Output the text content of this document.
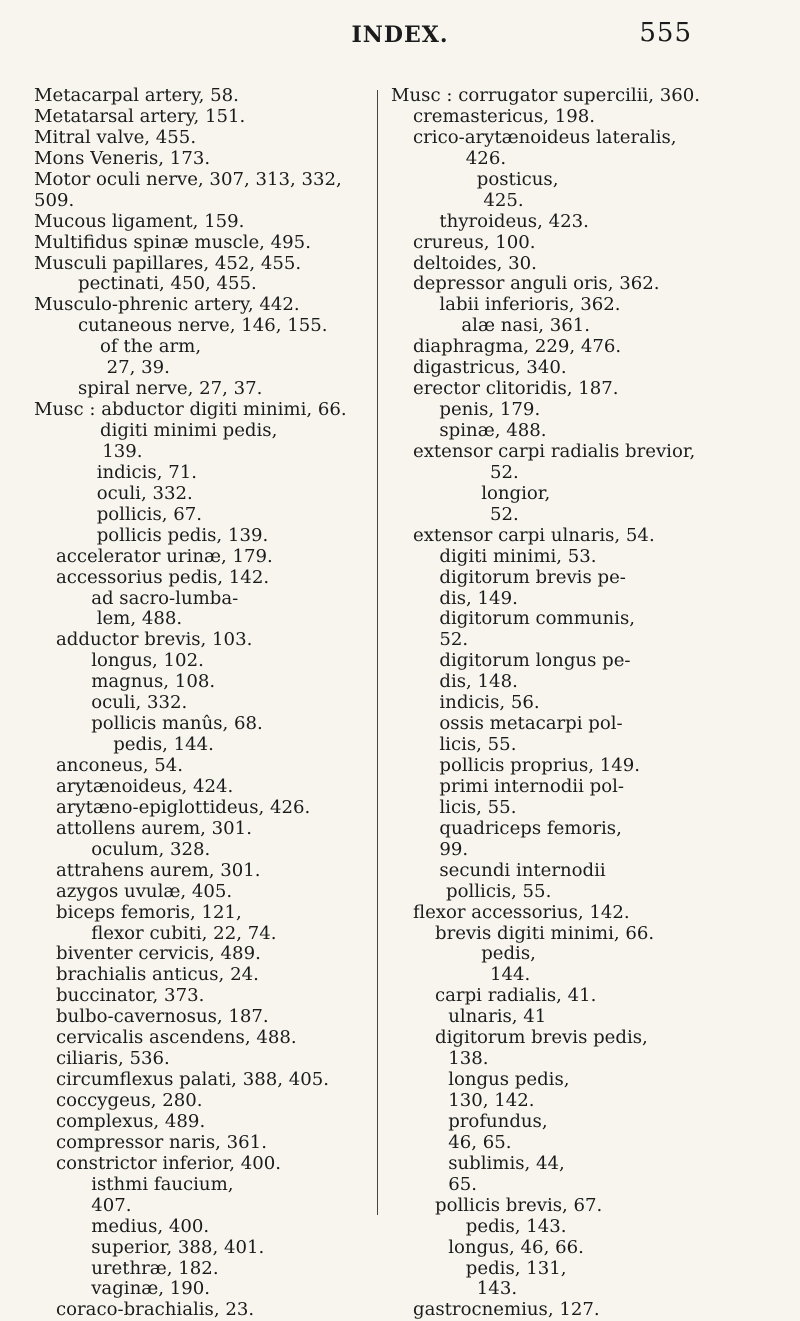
INDEX.	555
Metacarpal artery, 58.
Metatarsal artery, 151.
Mitral valve, 455.
Mons Veneris, 173.
Motor oculi nerve, 307, 313, 332,
509.
Mucous ligament, 159.
Multifidus spinæ muscle, 495.
Musculi papillares, 452, 455.
pectinati, 450, 455.
Musculo-phrenic artery, 442.
cutaneous nerve, 146, 155.
of the arm,
27, 39.
spiral nerve, 27, 37.
Musc : abductor digiti minimi, 66.
digiti minimi pedis,
139.
indicis, 71.
oculi, 332.
pollicis, 67.
pollicis pedis, 139.
accelerator urinæ, 179.
accessorius pedis, 142.
ad sacro-lumba-
lem, 488.
adductor brevis, 103.
longus, 102.
magnus, 108.
oculi, 332.
pollicis manûs, 68.
pedis, 144.
anconeus, 54.
arytænoideus, 424.
arytæno-epiglottideus, 426.
attollens aurem, 301.
oculum, 328.
attrahens aurem, 301.
azygos uvulæ, 405.
biceps femoris, 121,
flexor cubiti, 22, 74.
biventer cervicis, 489.
brachialis anticus, 24.
buccinator, 373.
bulbo-cavernosus, 187.
cervicalis ascendens, 488.
ciliaris, 536.
circumflexus palati, 388, 405.
coccygeus, 280.
complexus, 489.
compressor naris, 361.
constrictor inferior, 400.
isthmi faucium,
407.
medius, 400.
superior, 388, 401.
urethræ, 182.
vaginæ, 190.
coraco-brachialis, 23.
Musc : corrugator supercilii, 360.
cremastericus, 198.
crico-arytænoideus lateralis,
426.
posticus,
425.
thyroideus, 423.
crureus, 100.
deltoides, 30.
depressor anguli oris, 362.
labii inferioris, 362.
alæ nasi, 361.
diaphragma, 229, 476.
digastricus, 340.
erector clitoridis, 187.
penis, 179.
spinæ, 488.
extensor carpi radialis brevior,
52.
longior,
52.
extensor carpi ulnaris, 54.
digiti minimi, 53.
digitorum brevis pe-
dis, 149.
digitorum communis,
52.
digitorum longus pe-
dis, 148.
indicis, 56.
ossis metacarpi pol-
licis, 55.
pollicis proprius, 149.
primi internodii pol-
licis, 55.
quadriceps femoris,
99.
secundi internodii
pollicis, 55.
flexor accessorius, 142.
brevis digiti minimi, 66.
pedis,
144.
carpi radialis, 41.
ulnaris, 41
digitorum brevis pedis,
138.
longus pedis,
130, 142.
profundus,
46, 65.
sublimis, 44,
65.
pollicis brevis, 67.
pedis, 143.
longus, 46, 66.
pedis, 131,
143.
gastrocnemius, 127.
